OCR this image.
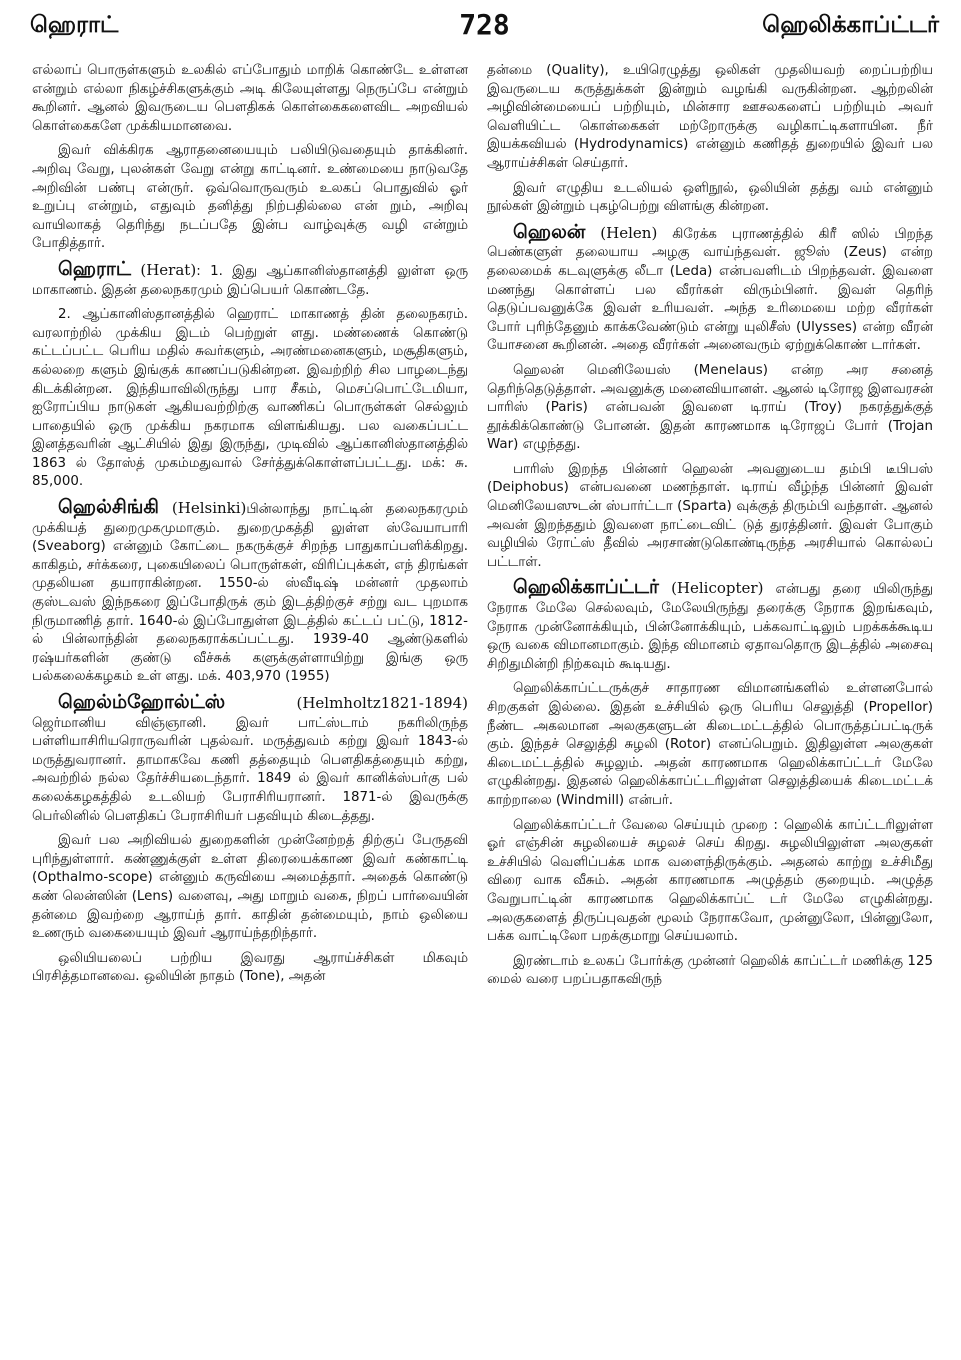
ஹெராட்	728	ஹெலிக்காப்ட்டர்

எல்லாப் பொருள்களும் உலகில் எப்போதும் மாறிக் கொண்டே உள்ளன என்றும் எல்லா நிகழ்ச்சிகளுக்கும் அடி கிலேயுள்ளது நெருப்பே என்றும் கூறினர். ஆனல் இவருடைய பௌதிகக் கொள்கைகளைவிட அறவியல் கொள்கைகளே முக்கியமானவை.

இவர் விக்கிரக ஆராதனையையும் பலியிடுவதையும் தாக்கினர். அறிவு வேறு, புலன்கள் வேறு என்று காட்டினர். உண்மையை நாடுவதே அறிவின் பண்பு என்ருர். ஒவ்வொருவரும் உலகப் பொதுவில் ஓர் உறுப்பு என்றும், எதுவும் தனித்து நிற்பதில்லை என் றும், அறிவு வாயிலாகத் தெரிந்து நடப்பதே இன்ப வாழ்வுக்கு வழி என்றும் போதித்தார்.

ஹெராட் (Herat): 1. இது ஆப்கானிஸ்தானத்தி லுள்ள ஒரு மாகாணம். இதன் தலைநகரமும் இப்பெயர் கொண்டதே.

2. ஆப்கானிஸ்தானத்தில் ஹெராட் மாகாணத் தின் தலைநகரம். வரலாற்றில் முக்கிய இடம் பெற்றுள் ளது. மண்ணைக் கொண்டு கட்டப்பட்ட பெரிய மதில் சுவர்களும், அரண்மனைகளும், மசூதிகளும், கல்லறை களும் இங்குக் காணப்படுகின்றன. இவற்றிற் சில பாழடைந்து கிடக்கின்றன. இந்தியாவிலிருந்து பார சீகம், மெசப்பொட்டேமியா, ஐரோப்பிய நாடுகள் ஆகியவற்றிற்கு வாணிகப் பொருள்கள் செல்லும் பாதையில் ஒரு முக்கிய நகரமாக விளங்கியது. பல வகைப்பட்ட இனத்தவரின் ஆட்சியில் இது இருந்து, முடிவில் ஆப்கானிஸ்தானத்தில் 1863 ல் தோஸ்த் முகம்மதுவால் சேர்த்துக்கொள்ளப்பட்டது. மக்: சு. 85,000.

ஹெல்சிங்கி (Helsinki)பின்லாந்து நாட்டின் தலைநகரமும் முக்கியத் துறைமுகமுமாகும். துறைமுகத்தி லுள்ள ஸ்வேயாபாரி (Sveaborg) என்னும் கோட்டை நகருக்குச் சிறந்த பாதுகாப்பளிக்கிறது. காகிதம், சர்க்கரை, புகையிலைப் பொருள்கள், விரிப்புக்கள், எந் திரங்கள் முதலியன தயாராகின்றன. 1550-ல் ஸ்வீடிஷ் மன்னர் முதலாம் குஸ்டவஸ் இந்நகரை இப்போதிருக் கும் இடத்திற்குச் சற்று வட புறமாக நிருமாணித் தார். 1640-ல் இப்போதுள்ள இடத்தில் கட்டப் பட்டு, 1812-ல் பின்லாந்தின் தலைநகராக்கப்பட்டது. 1939-40 ஆண்டுகளில் ரஷ்யர்களின் குண்டு வீச்சுக் களுக்குள்ளாயிற்று இங்கு ஒரு பல்கலைக்கழகம் உள் ளது. மக். 403,970 (1955)

ஹெல்ம்ஹோல்ட்ஸ்	(Helmholtz1821-1894) ஜெர்மானிய விஞ்ஞானி. இவர் பாட்ஸ்டாம் நகரிலிருந்த பள்ளியாசிரியரொருவரின் புதல்வர். மருத்துவம் கற்று இவர் 1843-ல் மருத்துவரானர். தாமாகவே கணி தத்தையும் பௌதிகத்தையும் கற்று, அவற்றில் நல்ல தேர்ச்சியடைந்தார். 1849 ல் இவர் கானிக்ஸ்பர்கு பல் கலைக்கழகத்தில் உடலியற் பேராசிரியரானர். 1871-ல் இவருக்கு பெர்லினில் பௌதிகப் பேராசிரியர் பதவியும் கிடைத்தது.

இவர் பல அறிவியல் துறைகளின் முன்னேற்றத் திற்குப் பேருதவி புரிந்துள்ளார். கண்ணுக்குள் உள்ள திரையைக்காண இவர் கண்காட்டி (Opthalmo-scope) என்னும் கருவியை அமைத்தார். அதைக் கொண்டு கண் லென்ஸின் (Lens) வளைவு, அது மாறும் வகை, நிறப் பார்வையின் தன்மை இவற்றை ஆராய்ந் தார். காதின் தன்மையும், நாம் ஒலியை உணரும் வகையையும் இவர் ஆராய்ந்தறிந்தார்.

ஒலியியலைப் பற்றிய இவரது ஆராய்ச்சிகள் மிகவும் பிரசித்தமானவை. ஒலியின் நாதம் (Tone), அதன்

தன்மை (Quality), உயிரெழுத்து ஒலிகள் முதலியவற் றைப்பற்றிய இவருடைய கருத்துக்கள் இன்றும் வழங்கி வருகின்றன. ஆற்றலின் அழிவின்மையைப் பற்றியும், மின்சார ஊசலகளைப் பற்றியும் அவர் வெளியிட்ட கொள்கைகள் மற்றோருக்கு வழிகாட்டிகளாயின. நீர் இயக்கவியல் (Hydrodynamics) என்னும் கணிதத் துறையில் இவர் பல ஆராய்ச்சிகள் செய்தார்.

இவர் எழுதிய உடலியல் ஒளிநூல், ஒலியின் தத்து வம் என்னும் நூல்கள் இன்றும் புகழ்பெற்று விளங்கு கின்றன.

ஹெலன் (Helen) கிரேக்க புராணத்தில் கிரீ ஸில் பிறந்த பெண்களுள் தலையாய அழகு வாய்ந்தவள். ஜூஸ் (Zeus) என்ற தலைமைக் கடவுளுக்கு லீடா (Leda) என்பவளிடம் பிறந்தவள். இவளை மணந்து கொள்ளப் பல வீரர்கள் விரும்பினர். இவள் தெரிந் தெடுப்பவனுக்கே இவள் உரியவள். அந்த உரிமையை மற்ற வீரர்கள் போர் புரிந்தேனும் காக்கவேண்டும் என்று யுலிசீஸ் (Ulysses) என்ற வீரன் யோசனை கூறினன். அதை வீரர்கள் அனைவரும் ஏற்றுக்கொண் டார்கள்.

ஹெலன் மெனிலேயஸ் (Menelaus) என்ற அர சனைத் தெரிந்தெடுத்தாள். அவனுக்கு மனைவியானள். ஆனல் டிரோஜ இளவரசன் பாரிஸ் (Paris) என்பவன் இவளை டிராய் (Troy) நகரத்துக்குத் தூக்கிக்கொண்டு போனன். இதன் காரணமாக டிரோஜப் போர் (Trojan War) எழுந்தது.

பாரிஸ் இறந்த பின்னர் ஹெலன் அவனுடைய தம்பி டீபிபஸ் (Deiphobus) என்பவனை மணந்தாள். டிராய் வீழ்ந்த பின்னர் இவள் மெனிலேயஸுடன் ஸ்பார்ட்டா (Sparta) வுக்குத் திரும்பி வந்தாள். ஆனல் அவன் இறந்ததும் இவளை நாட்டைவிட் டுத் துரத்தினர். இவள் போகும் வழியில் ரோட்ஸ் தீவில் அரசாண்டுகொண்டிருந்த அரசியால் கொல்லப் பட்டாள்.

ஹெலிக்காப்ட்டர் (Helicopter) என்பது தரை யிலிருந்து நேராக மேலே செல்லவும், மேலேயிருந்து தரைக்கு நேராக இறங்கவும், நேராக முன்னோக்கியும், பின்னோக்கியும், பக்கவாட்டிலும் பறக்கக்கூடிய ஒரு வகை விமானமாகும். இந்த விமானம் ஏதாவதொரு இடத்தில் அசைவு சிறிதுமின்றி நிற்கவும் கூடியது.

ஹெலிக்காப்ட்டருக்குச் சாதாரண விமானங்களில் உள்ளனபோல் சிறகுகள் இல்லை. இதன் உச்சியில் ஒரு பெரிய செலுத்தி (Propellor) நீண்ட அகலமான அலகுகளுடன் கிடைமட்டத்தில் பொருத்தப்பட்டிருக் கும். இந்தச் செலுத்தி சுழலி (Rotor) எனப்பெறும். இதிலுள்ள அலகுகள் கிடைமட்டத்தில் சுழலும். அதன் காரணமாக ஹெலிக்காப்ட்டர் மேலே எழுகின்றது. இதனல் ஹெலிக்காப்ட்டரிலுள்ள செலுத்தியைக் கிடைமட்டக் காற்றாலை (Windmill) என்பர்.

ஹெலிக்காப்ட்டர் வேலை செய்யும் முறை : ஹெலிக் காப்ட்டரிலுள்ள ஓர் எஞ்சின் சுழலியைச் சுழலச் செய் கிறது. சுழலியிலுள்ள அலகுகள் உச்சியில் வெளிப்பக்க மாக வளைந்திருக்கும். அதனல் காற்று உச்சிமீது விரை வாக வீசும். அதன் காரணமாக அழுத்தம் குறையும். அழுத்த வேறுபாட்டின் காரணமாக ஹெலிக்காப்ட் டர் மேலே எழுகின்றது. அலகுகளைத் திருப்புவதன் மூலம் நேராகவோ, முன்னுலோ, பின்னுலோ, பக்க வாட்டிலோ பறக்குமாறு செய்யலாம்.

இரண்டாம் உலகப் போர்க்கு முன்னர் ஹெலிக் காப்ட்டர் மணிக்கு 125 மைல் வரை பறப்பதாகவிருந்
